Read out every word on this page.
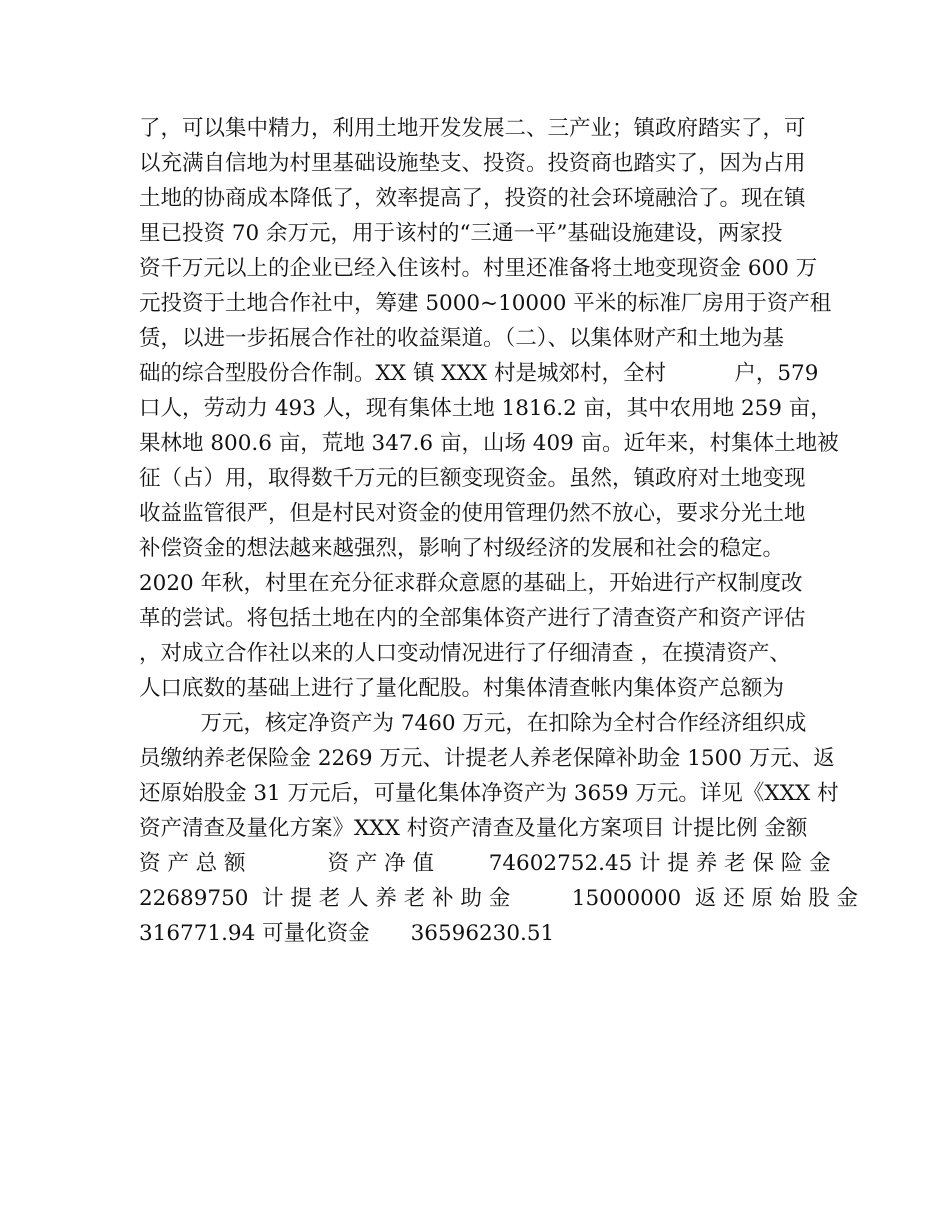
了，可以集中精力，利用土地开发发展二、三产业；镇政府踏实了，可
以充满自信地为村里基础设施垫支、投资。投资商也踏实了，因为占用
土地的协商成本降低了，效率提高了，投资的社会环境融洽了。现在镇
里已投资 70 余万元，用于该村的“三通一平”基础设施建设，两家投
资千万元以上的企业已经入住该村。村里还准备将土地变现资金 600 万
元投资于土地合作社中，筹建 5000~10000 平米的标准厂房用于资产租
赁，以进一步拓展合作社的收益渠道。（二）、以集体财产和土地为基
础的综合型股份合作制。XX 镇 XXX 村是城郊村，全村          户，579
口人，劳动力 493 人，现有集体土地 1816.2 亩，其中农用地 259 亩，
果林地 800.6 亩，荒地 347.6 亩，山场 409 亩。近年来，村集体土地被
征（占）用，取得数千万元的巨额变现资金。虽然，镇政府对土地变现
收益监管很严，但是村民对资金的使用管理仍然不放心，要求分光土地
补偿资金的想法越来越强烈，影响了村级经济的发展和社会的稳定。
2020 年秋，村里在充分征求群众意愿的基础上，开始进行产权制度改
革的尝试。将包括土地在内的全部集体资产进行了清查资产和资产评估
，对成立合作社以来的人口变动情况进行了仔细清查 ，在摸清资产、
人口底数的基础上进行了量化配股。村集体清查帐内集体资产总额为
万元，核定净资产为 7460 万元，在扣除为全村合作经济组织成
员缴纳养老保险金 2269 万元、计提老人养老保障补助金 1500 万元、返
还原始股金 31 万元后，可量化集体净资产为 3659 万元。详见《XXX 村
资产清查及量化方案》XXX 村资产清查及量化方案项目 计提比例 金额
资 产 总 额            资 产 净 值        74602752.45 计 提 养 老 保 险 金
22689750  计 提 老 人 养 老 补 助 金         15000000  返 还 原 始 股 金
316771.94 可量化资金      36596230.51
